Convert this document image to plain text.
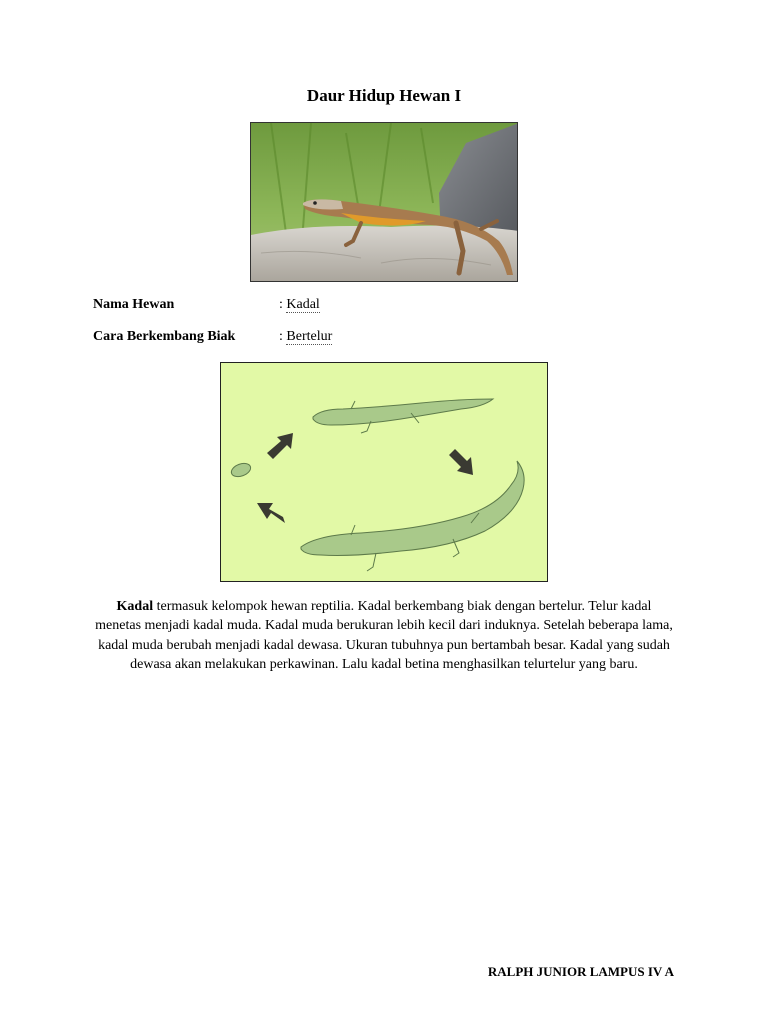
Daur Hidup Hewan I
Nama Hewan	: Kadal
Cara Berkembang Biak	: Bertelur
Kadal termasuk kelompok hewan reptilia. Kadal berkembang biak dengan bertelur. Telur kadal menetas menjadi kadal muda. Kadal muda berukuran lebih kecil dari induknya. Setelah beberapa lama, kadal muda berubah menjadi kadal dewasa. Ukuran tubuhnya pun bertambah besar. Kadal yang sudah dewasa akan melakukan perkawinan. Lalu kadal betina menghasilkan telurtelur yang baru.
RALPH JUNIOR LAMPUS IV A
